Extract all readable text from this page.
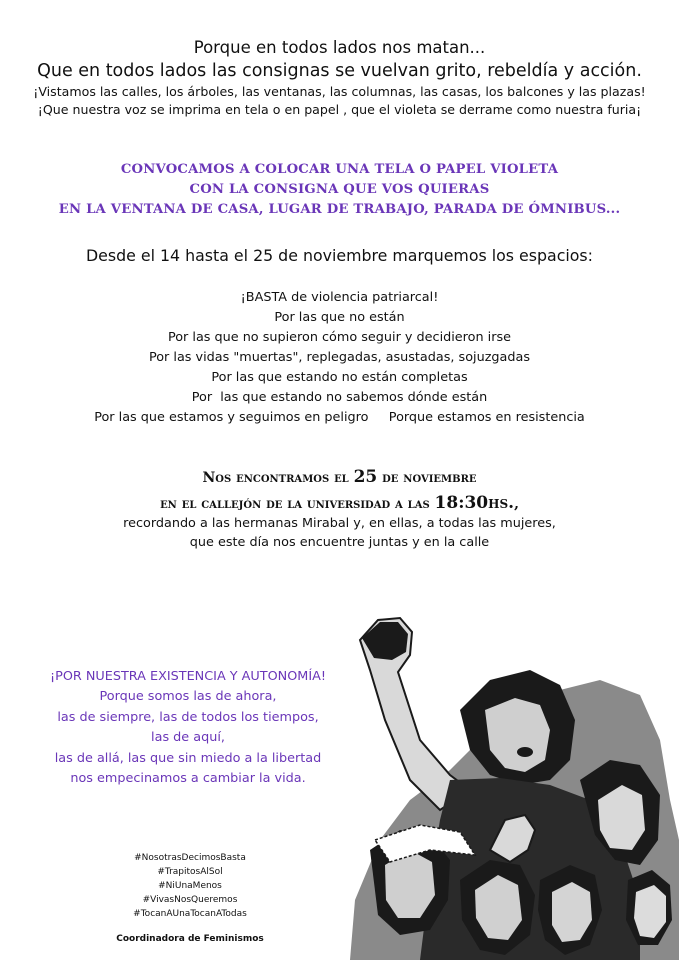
Porque en todos lados nos matan...
Que en todos lados las consignas se vuelvan grito, rebeldía y acción.
¡Vistamos las calles, los árboles, las ventanas, las columnas, las casas, los balcones y las plazas!
¡Que nuestra voz se imprima en tela o en papel , que el violeta se derrame como nuestra furia¡
CONVOCAMOS A COLOCAR UNA TELA O PAPEL VIOLETA
CON LA CONSIGNA QUE VOS QUIERAS
EN LA VENTANA DE CASA, LUGAR DE TRABAJO, PARADA DE ÓMNIBUS...
Desde el 14 hasta el 25 de noviembre marquemos los espacios:
¡BASTA de violencia patriarcal!
Por las que no están
Por las que no supieron cómo seguir y decidieron irse
Por las vidas "muertas", replegadas, asustadas, sojuzgadas
Por las que estando no están completas
Por  las que estando no sabemos dónde están
Por las que estamos y seguimos en peligro     Porque estamos en resistencia
Nos encontramos el 25 de noviembre
en el callejón de la universidad a las 18:30hs.,
recordando a las hermanas Mirabal y, en ellas, a todas las mujeres,
que este día nos encuentre juntas y en la calle
¡POR NUESTRA EXISTENCIA Y AUTONOMÍA!
Porque somos las de ahora,
las de siempre, las de todos los tiempos,
las de aquí,
las de allá, las que sin miedo a la libertad
nos empecinamos a cambiar la vida.
#NosotrasDecimosBasta
#TrapitosAlSol
#NiUnaMenos
#VivasNosQueremos
#TocanAUnaTocanATodas
Coordinadora de Feminismos
